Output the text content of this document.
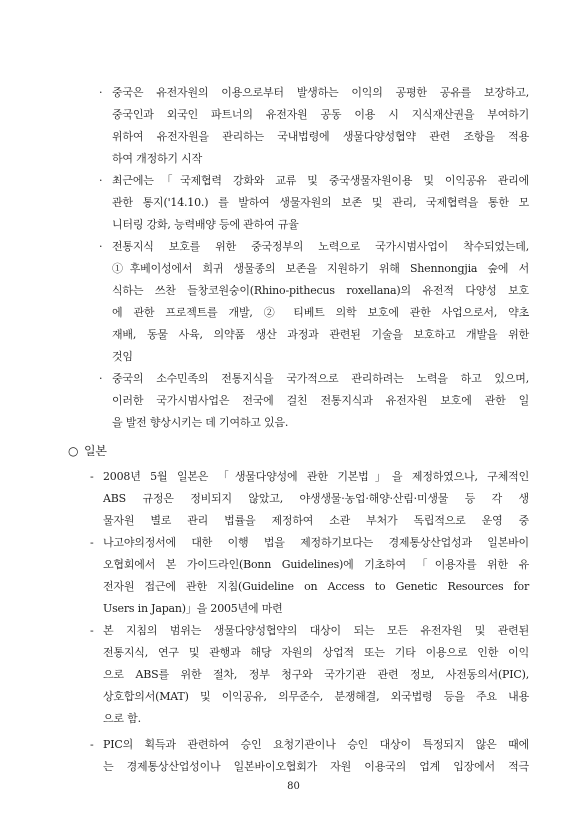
· 중국은 유전자원의 이용으로부터 발생하는 이익의 공평한 공유를 보장하고,
중국인과 외국인 파트너의 유전자원 공동 이용 시 지식재산권을 부여하기
위하여 유전자원을 관리하는 국내법령에 생물다양성협약 관련 조항을 적용
하여 개정하기 시작
· 최근에는「국제협력 강화와 교류 및 중국생물자원이용 및 이익공유 관리에
관한 통지('14.10.) 를 발하여 생물자원의 보존 및 관리, 국제협력을 통한 모
니터링 강화, 능력배양 등에 관하여 규율
· 전통지식 보호를 위한 중국정부의 노력으로 국가시범사업이 착수되었는데,
①후베이성에서 희귀 생물종의 보존을 지원하기 위해 Shennongjia 숲에 서
식하는 쓰찬 들창코원숭이(Rhino-pithecus roxellana)의 유전적 다양성 보호
에 관한 프로젝트를 개발, ② 티베트 의학 보호에 관한 사업으로서, 약초
재배, 동물 사육, 의약품 생산 과정과 관련된 기술을 보호하고 개발을 위한
것임
· 중국의 소수민족의 전통지식을 국가적으로 관리하려는 노력을 하고 있으며,
이러한 국가시범사업은 전국에 걸친 전통지식과 유전자원 보호에 관한 일
을 발전 향상시키는 데 기여하고 있음.
○ 일본
- 2008년 5월 일본은 「생물다양성에 관한 기본법」을 제정하였으나, 구체적인
ABS 규정은 정비되지 않았고, 야생생물·농업·해양·산림·미생물 등 각 생
물자원 별로 관리 법률을 제정하여 소관 부처가 독립적으로 운영 중
- 나고야의정서에 대한 이행 법을 제정하기보다는 경제통상산업성과 일본바이
오협회에서 본 가이드라인(Bonn Guidelines)에 기초하여 「이용자를 위한 유
전자원 접근에 관한 지침(Guideline on Access to Genetic Resources for
Users in Japan)」을 2005년에 마련
- 본 지침의 범위는 생물다양성협약의 대상이 되는 모든 유전자원 및 관련된
전통지식, 연구 및 관행과 해당 자원의 상업적 또는 기타 이용으로 인한 이익
으로 ABS를 위한 절차, 정부 청구와 국가기관 관련 정보, 사전동의서(PIC),
상호합의서(MAT) 및 이익공유, 의무준수, 분쟁해결, 외국법령 등을 주요 내용
으로 함.
- PIC의 획득과 관련하여 승인 요청기관이나 승인 대상이 특정되지 않은 때에
는 경제통상산업성이나 일본바이오협회가 자원 이용국의 업계 입장에서 적극
80
